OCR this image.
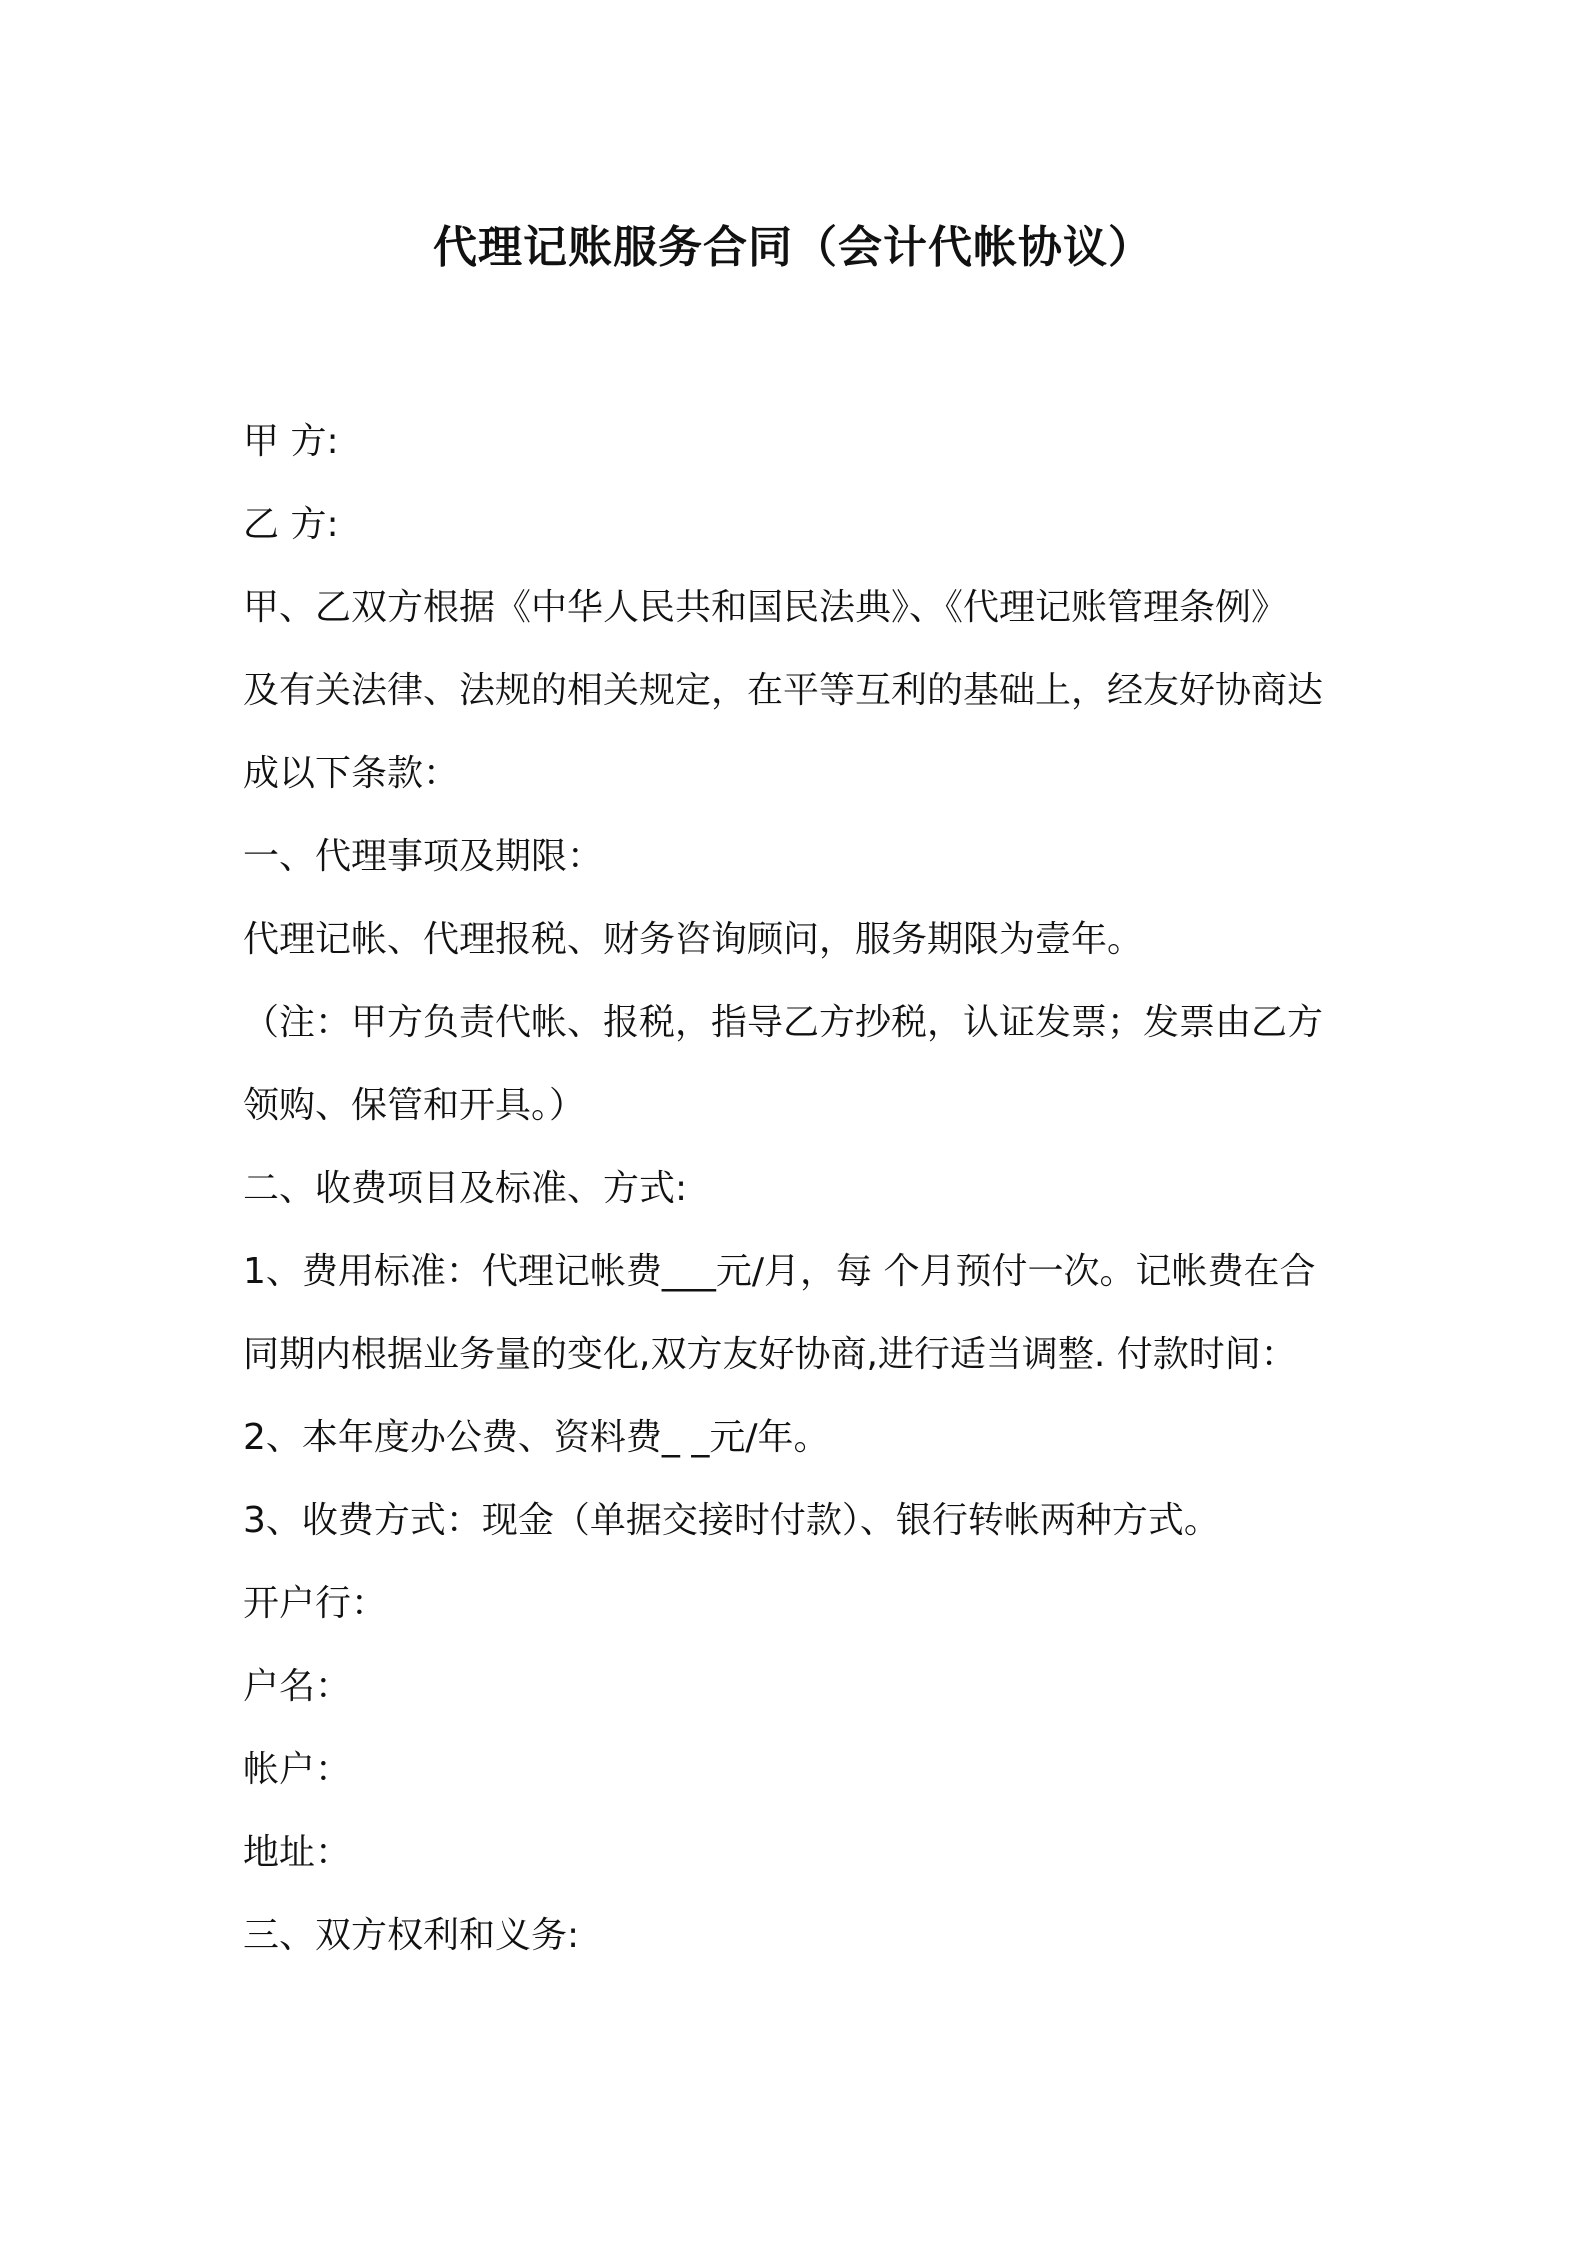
代理记账服务合同（会计代帐协议）
甲 方:
乙 方:
甲、乙双方根据《中华人民共和国民法典》、《代理记账管理条例》
及有关法律、法规的相关规定，在平等互利的基础上，经友好协商达
成以下条款：
一、代理事项及期限：
代理记帐、代理报税、财务咨询顾问，服务期限为壹年。
（注：甲方负责代帐、报税，指导乙方抄税，认证发票；发票由乙方
领购、保管和开具。）
二、收费项目及标准、方式:
1、费用标准：代理记帐费___元/月，每 个月预付一次。记帐费在合
同期内根据业务量的变化,双方友好协商,进行适当调整. 付款时间：
2、本年度办公费、资料费_ _元/年。
3、收费方式：现金（单据交接时付款）、银行转帐两种方式。
开户行：
户名：
帐户：
地址：
三、双方权利和义务:
